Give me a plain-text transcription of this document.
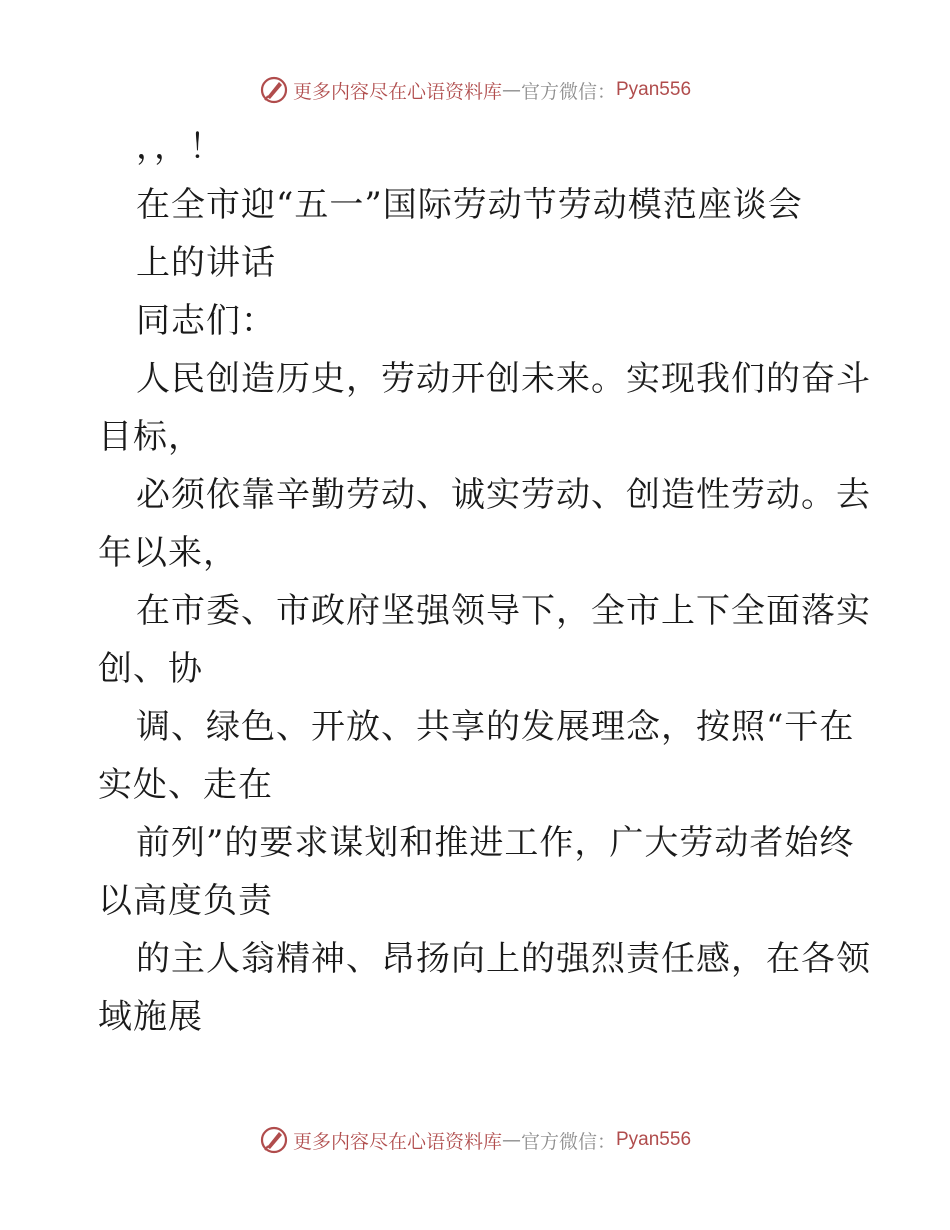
更多内容尽在心语资料库 — 官方微信： Pyan556
，，！
在全市迎“五一”国际劳动节劳动模范座谈会
上的讲话
同志们：
人民创造历史，劳动开创未来。实现我们的奋斗
目标，
必须依靠辛勤劳动、诚实劳动、创造性劳动。去
年以来，
在市委、市政府坚强领导下，全市上下全面落实
创、协
调、绿色、开放、共享的发展理念，按照“干在
实处、走在
前列”的要求谋划和推进工作，广大劳动者始终
以高度负责
的主人翁精神、昂扬向上的强烈责任感，在各领
域施展
更多内容尽在心语资料库 — 官方微信： Pyan556
